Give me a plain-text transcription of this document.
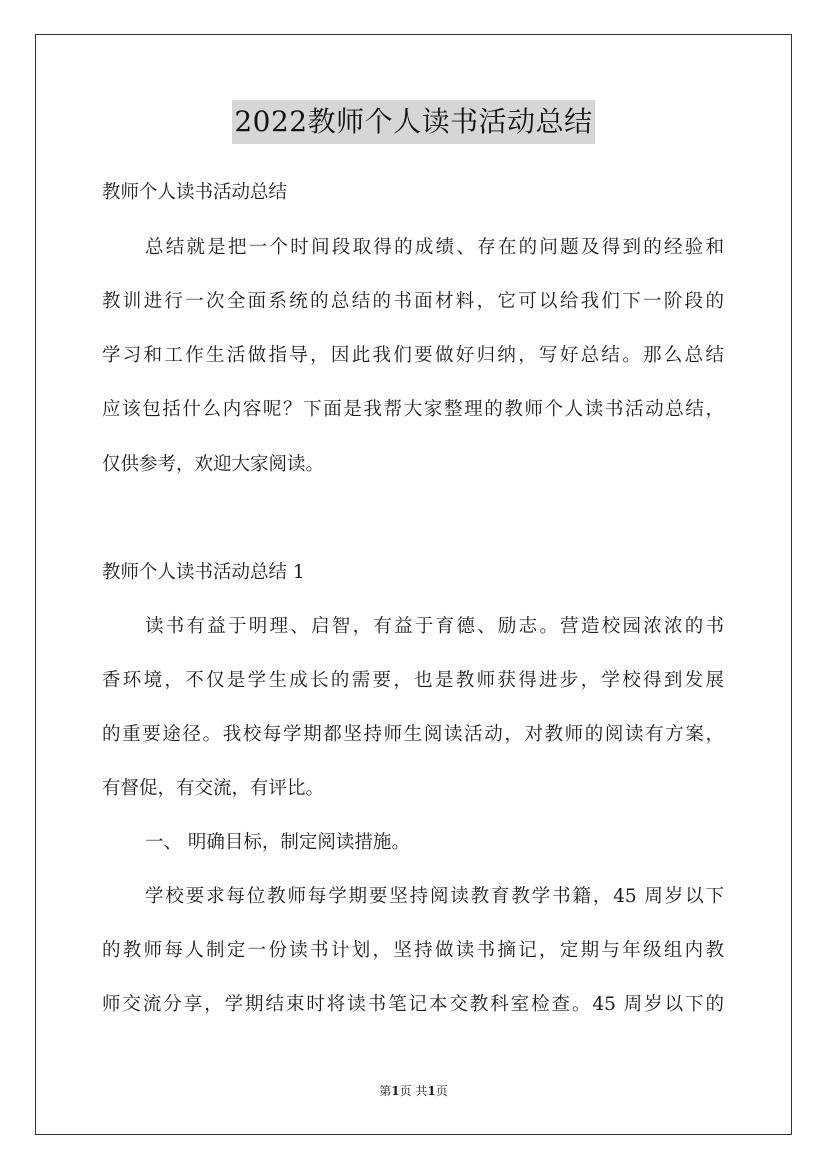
2022教师个人读书活动总结
教师个人读书活动总结
总结就是把一个时间段取得的成绩、存在的问题及得到的经验和
教训进行一次全面系统的总结的书面材料，它可以给我们下一阶段的
学习和工作生活做指导，因此我们要做好归纳，写好总结。那么总结
应该包括什么内容呢？下面是我帮大家整理的教师个人读书活动总结，
仅供参考，欢迎大家阅读。
教师个人读书活动总结 1
读书有益于明理、启智，有益于育德、励志。营造校园浓浓的书
香环境，不仅是学生成长的需要，也是教师获得进步，学校得到发展
的重要途径。我校每学期都坚持师生阅读活动，对教师的阅读有方案，
有督促，有交流，有评比。
一、 明确目标，制定阅读措施。
学校要求每位教师每学期要坚持阅读教育教学书籍，45 周岁以下
的教师每人制定一份读书计划，坚持做读书摘记，定期与年级组内教
师交流分享，学期结束时将读书笔记本交教科室检查。45 周岁以下的
第1页 共1页
